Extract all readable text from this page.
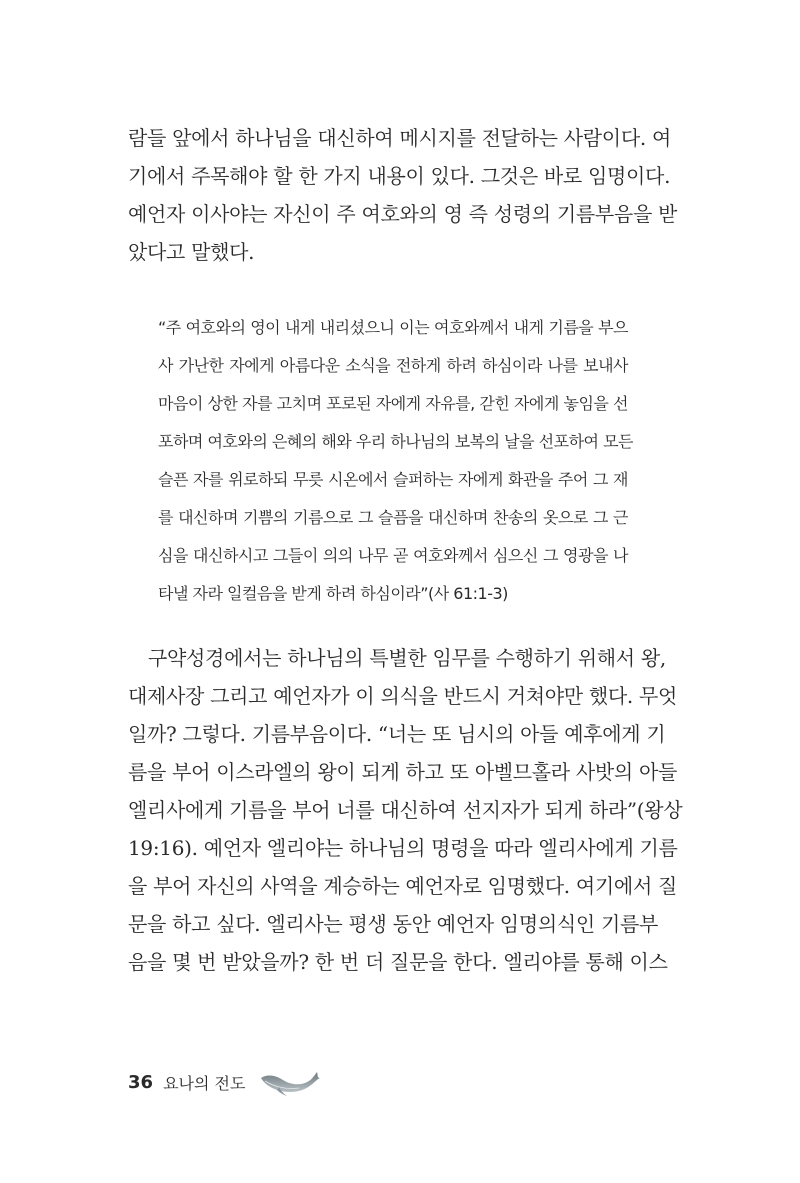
람들 앞에서 하나님을 대신하여 메시지를 전달하는 사람이다. 여
기에서 주목해야 할 한 가지 내용이 있다. 그것은 바로 임명이다.
예언자 이사야는 자신이 주 여호와의 영 즉 성령의 기름부음을 받
았다고 말했다.
“주 여호와의 영이 내게 내리셨으니 이는 여호와께서 내게 기름을 부으
사 가난한 자에게 아름다운 소식을 전하게 하려 하심이라 나를 보내사
마음이 상한 자를 고치며 포로된 자에게 자유를, 갇힌 자에게 놓임을 선
포하며 여호와의 은혜의 해와 우리 하나님의 보복의 날을 선포하여 모든
슬픈 자를 위로하되 무릇 시온에서 슬퍼하는 자에게 화관을 주어 그 재
를 대신하며 기쁨의 기름으로 그 슬픔을 대신하며 찬송의 옷으로 그 근
심을 대신하시고 그들이 의의 나무 곧 여호와께서 심으신 그 영광을 나
타낼 자라 일컬음을 받게 하려 하심이라”(사 61:1-3)
구약성경에서는 하나님의 특별한 임무를 수행하기 위해서 왕,
대제사장 그리고 예언자가 이 의식을 반드시 거쳐야만 했다. 무엇
일까? 그렇다. 기름부음이다. “너는 또 님시의 아들 예후에게 기
름을 부어 이스라엘의 왕이 되게 하고 또 아벨므홀라 사밧의 아들
엘리사에게 기름을 부어 너를 대신하여 선지자가 되게 하라”(왕상
19:16). 예언자 엘리야는 하나님의 명령을 따라 엘리사에게 기름
을 부어 자신의 사역을 계승하는 예언자로 임명했다. 여기에서 질
문을 하고 싶다. 엘리사는 평생 동안 예언자 임명의식인 기름부
음을 몇 번 받았을까? 한 번 더 질문을 한다. 엘리야를 통해 이스
36 요나의 전도
